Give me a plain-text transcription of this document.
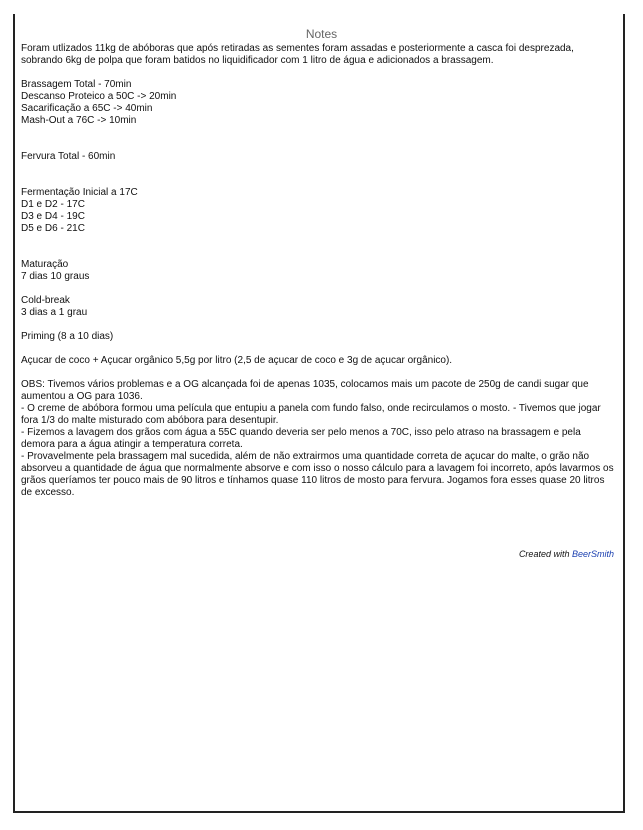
Notes

Foram utlizados 11kg de abóboras que após retiradas as sementes foram assadas e posteriormente a casca foi desprezada, sobrando 6kg de polpa que foram batidos no liquidificador com 1 litro de água e adicionados a brassagem.

Brassagem Total - 70min

Descanso Proteico a 50C -> 20min

Sacarificação a 65C -> 40min

Mash-Out a 76C -> 10min

Fervura Total - 60min

Fermentação Inicial a 17C

D1 e D2 - 17C

D3 e D4 - 19C

D5 e D6 - 21C

Maturação

7 dias 10 graus

Cold-break

3 dias a 1 grau

Priming (8 a 10 dias)

Açucar de coco + Açucar orgânico 5,5g por litro (2,5 de açucar de coco e 3g de açucar orgânico).

OBS: Tivemos vários problemas e a OG alcançada foi de apenas 1035, colocamos mais um pacote de 250g de candi sugar que aumentou a OG para 1036.

- O creme de abóbora formou uma película que entupiu a panela com fundo falso, onde recirculamos o mosto. - Tivemos que jogar fora 1/3 do malte misturado com abóbora para desentupir.

- Fizemos a lavagem dos grãos com água a 55C quando deveria ser pelo menos a 70C, isso pelo atraso na brassagem e pela demora para a água atingir a temperatura correta.

- Provavelmente pela brassagem mal sucedida, além de não extrairmos uma quantidade correta de açucar do malte, o grão não absorveu a quantidade de água que normalmente absorve e com isso o nosso cálculo para a lavagem foi incorreto, após lavarmos os grãos queríamos ter pouco mais de 90 litros e tínhamos quase 110 litros de mosto para fervura. Jogamos fora esses quase 20 litros de excesso.

Created with BeerSmith
